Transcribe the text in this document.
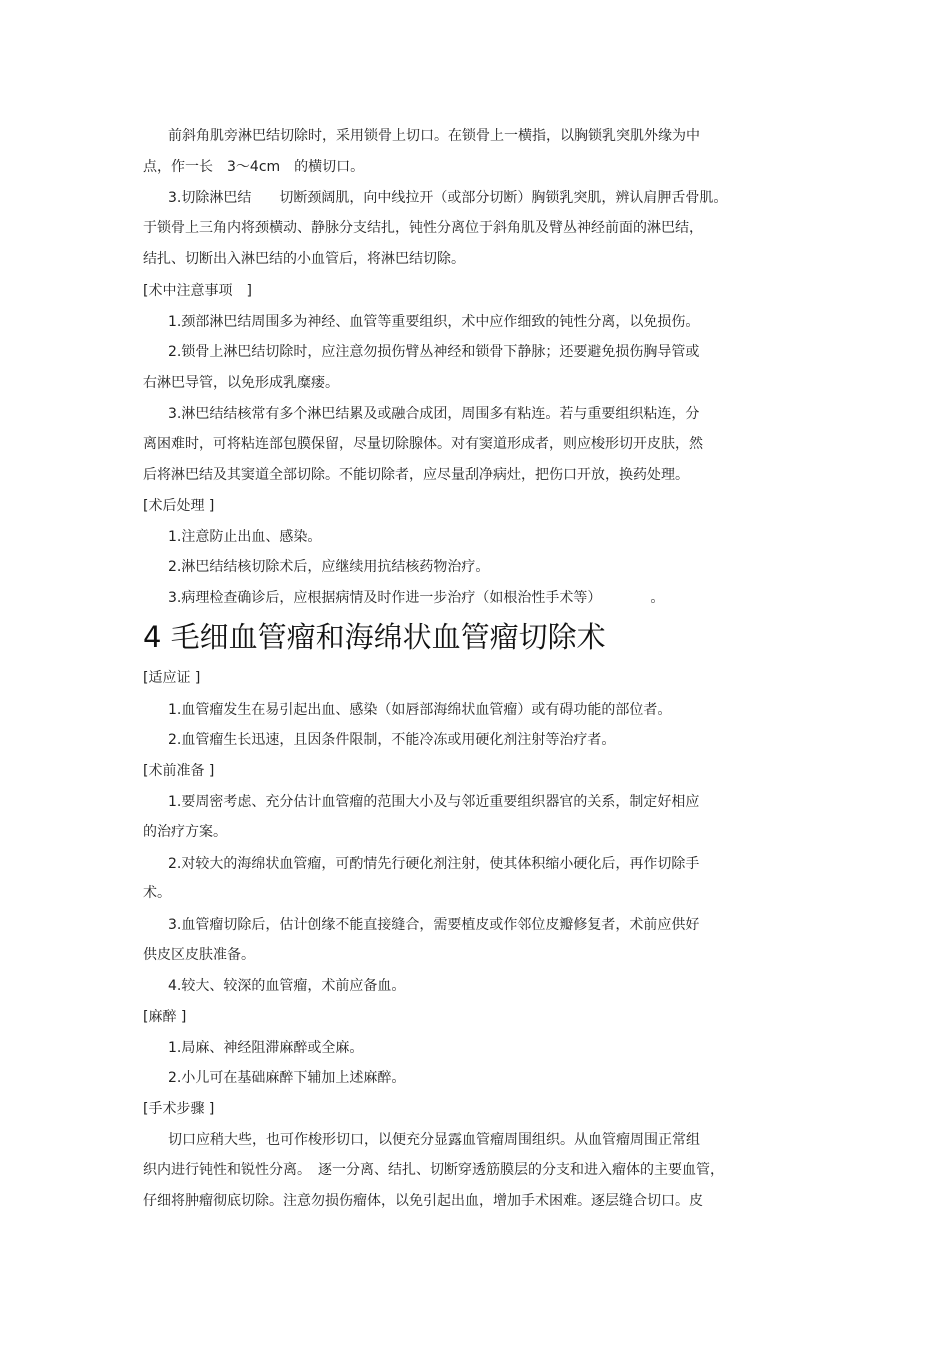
前斜角肌旁淋巴结切除时，采用锁骨上切口。在锁骨上一横指，以胸锁乳突肌外缘为中
点，作一长　3～4cm　的横切口。
3.切除淋巴结　　切断颈阔肌，向中线拉开（或部分切断）胸锁乳突肌，辨认肩胛舌骨肌。
于锁骨上三角内将颈横动、静脉分支结扎，钝性分离位于斜角肌及臂丛神经前面的淋巴结，
结扎、切断出入淋巴结的小血管后，将淋巴结切除。
[术中注意事项　]
1.颈部淋巴结周围多为神经、血管等重要组织，术中应作细致的钝性分离，以免损伤。
2.锁骨上淋巴结切除时，应注意勿损伤臂丛神经和锁骨下静脉；还要避免损伤胸导管或
右淋巴导管，以免形成乳糜瘘。
3.淋巴结结核常有多个淋巴结累及或融合成团，周围多有粘连。若与重要组织粘连，分
离困难时，可将粘连部包膜保留，尽量切除腺体。对有窦道形成者，则应梭形切开皮肤，然
后将淋巴结及其窦道全部切除。不能切除者，应尽量刮净病灶，把伤口开放，换药处理。
[术后处理 ]
1.注意防止出血、感染。
2.淋巴结结核切除术后，应继续用抗结核药物治疗。
3.病理检查确诊后，应根据病情及时作进一步治疗（如根治性手术等）　　　　。
4 毛细血管瘤和海绵状血管瘤切除术
[适应证 ]
1.血管瘤发生在易引起出血、感染（如唇部海绵状血管瘤）或有碍功能的部位者。
2.血管瘤生长迅速，且因条件限制，不能冷冻或用硬化剂注射等治疗者。
[术前准备 ]
1.要周密考虑、充分估计血管瘤的范围大小及与邻近重要组织器官的关系，制定好相应
的治疗方案。
2.对较大的海绵状血管瘤，可酌情先行硬化剂注射，使其体积缩小硬化后，再作切除手
术。
3.血管瘤切除后，估计创缘不能直接缝合，需要植皮或作邻位皮瓣修复者，术前应供好
供皮区皮肤准备。
4.较大、较深的血管瘤，术前应备血。
[麻醉 ]
1.局麻、神经阻滞麻醉或全麻。
2.小儿可在基础麻醉下辅加上述麻醉。
[手术步骤 ]
切口应稍大些，也可作梭形切口，以便充分显露血管瘤周围组织。从血管瘤周围正常组
织内进行钝性和锐性分离。　逐一分离、结扎、切断穿透筋膜层的分支和进入瘤体的主要血管，
仔细将肿瘤彻底切除。注意勿损伤瘤体，以免引起出血，增加手术困难。逐层缝合切口。皮
